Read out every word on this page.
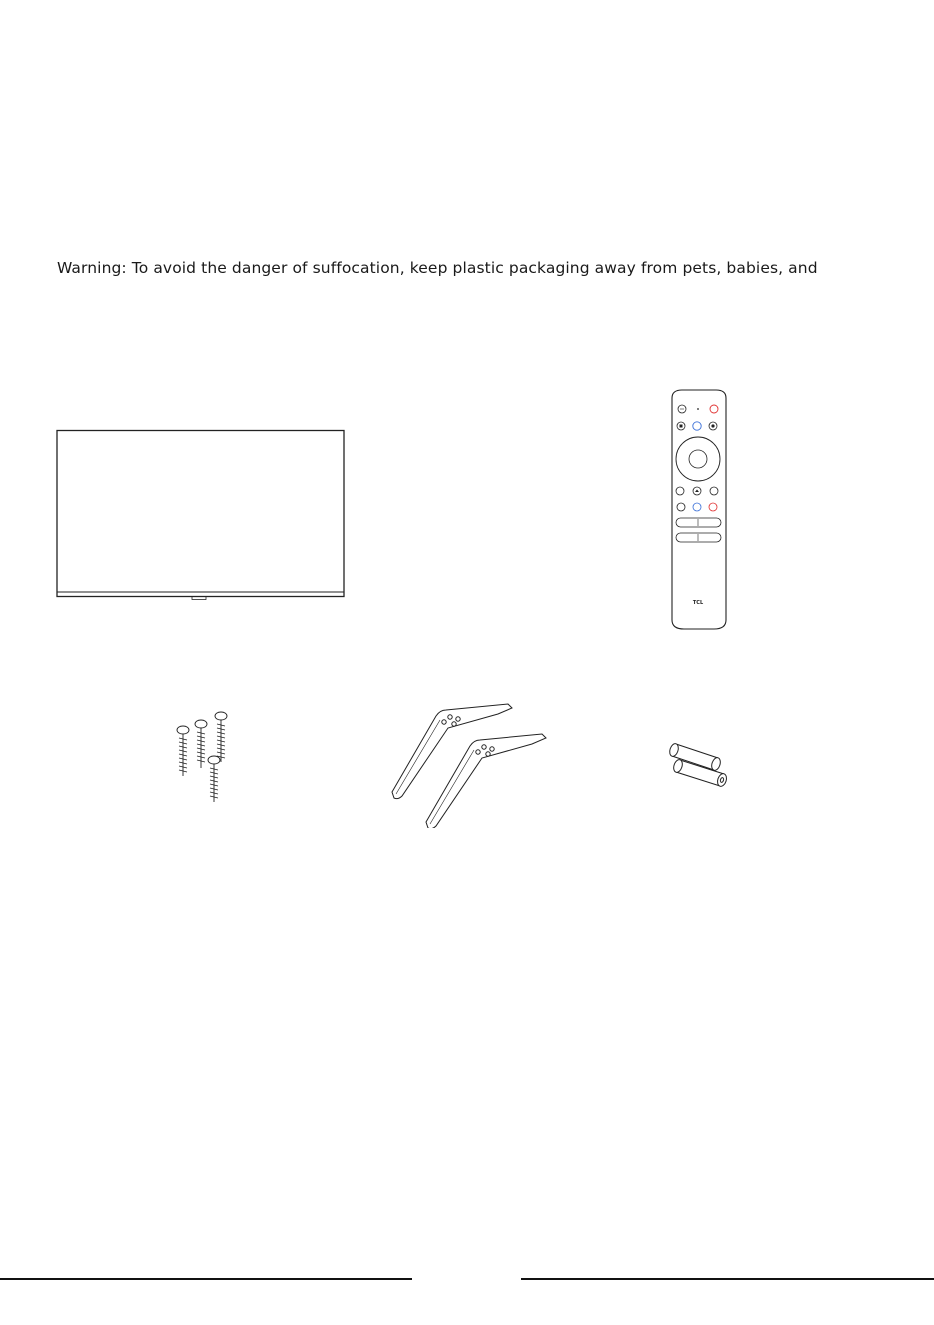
Warning: To avoid the danger of suffocation, keep plastic packaging away from pets, babies, and
TCL
